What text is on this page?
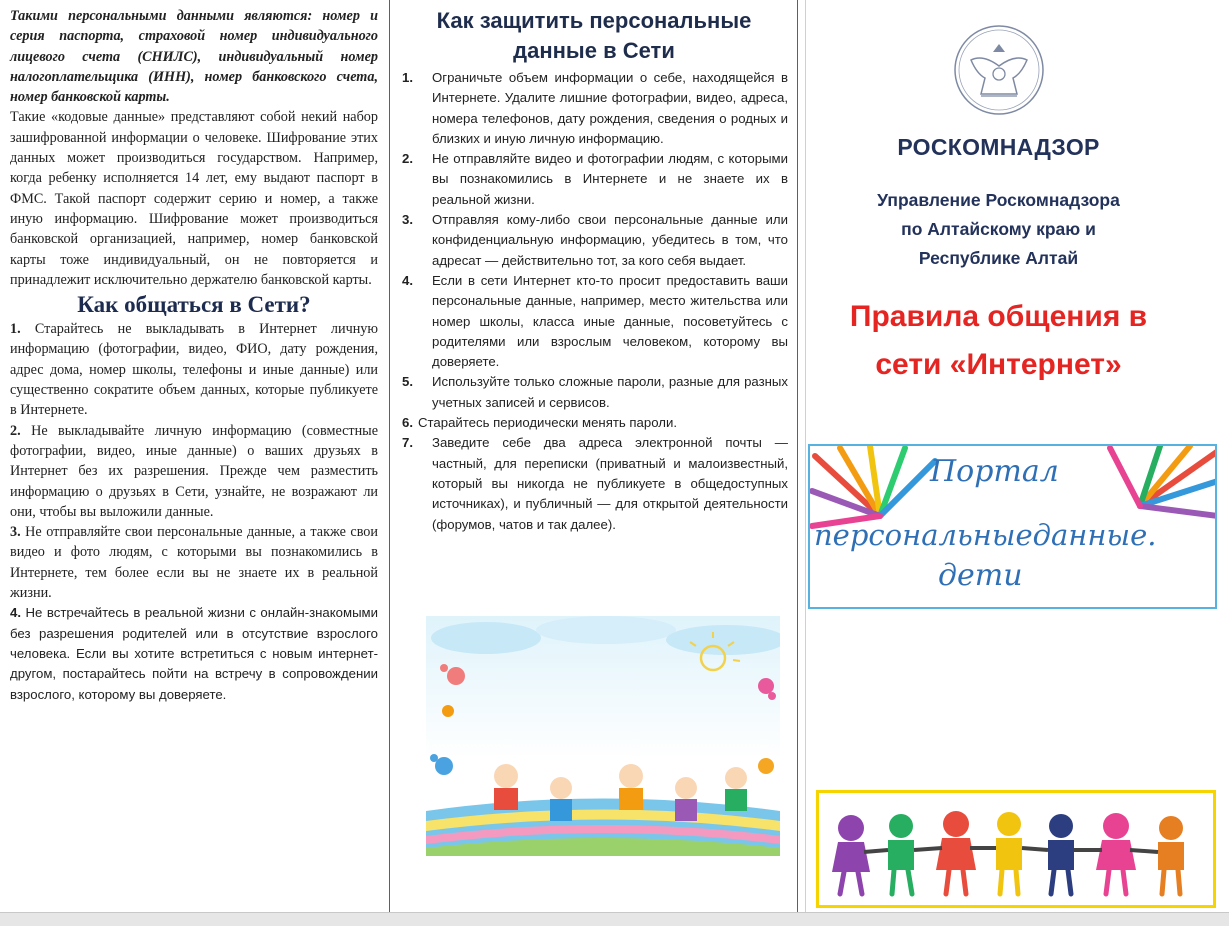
Такими персональными данными являются: номер и серия паспорта, страховой номер индивидуального лицевого счета (СНИЛС), индивидуальный номер налогоплательщика (ИНН), номер банковского счета, номер банковской карты.

Такие «кодовые данные» представляют собой некий набор зашифрованной информации о человеке. Шифрование этих данных может производиться государством. Например, когда ребенку исполняется 14 лет, ему выдают паспорт в ФМС. Такой паспорт содержит серию и номер, а также иную информацию. Шифрование может производиться банковской организацией, например, номер банковской карты тоже индивидуальный, он не повторяется и принадлежит исключительно держателю банковской карты.

Как общаться в Сети?

1. Старайтесь не выкладывать в Интернет личную информацию (фотографии, видео, ФИО, дату рождения, адрес дома, номер школы, телефоны и иные данные) или существенно сократите объем данных, которые публикуете в Интернете.

2. Не выкладывайте личную информацию (совместные фотографии, видео, иные данные) о ваших друзьях в Интернет без их разрешения. Прежде чем разместить информацию о друзьях в Сети, узнайте, не возражают ли они, чтобы вы выложили данные.

3. Не отправляйте свои персональные данные, а также свои видео и фото людям, с которыми вы познакомились в Интернете, тем более если вы не знаете их в реальной жизни.

4. Не встречайтесь в реальной жизни с онлайн-знакомыми без разрешения родителей или в отсутствие взрослого человека. Если вы хотите встретиться с новым интернет-другом, постарайтесь пойти на встречу в сопровождении взрослого, которому вы доверяете.

Как защитить персональные данные в Сети
1. Ограничьте объем информации о себе, находящейся в Интернете. Удалите лишние фотографии, видео, адреса, номера телефонов, дату рождения, сведения о родных и близких и иную личную информацию.
2. Не отправляйте видео и фотографии людям, с которыми вы познакомились в Интернете и не знаете их в реальной жизни.
3. Отправляя кому-либо свои персональные данные или конфиденциальную информацию, убедитесь в том, что адресат — действительно тот, за кого себя выдает.
4. Если в сети Интернет кто-то просит предоставить ваши персональные данные, например, место жительства или номер школы, класса иные данные, посоветуйтесь с родителями или взрослым человеком, которому вы доверяете.
5. Используйте только сложные пароли, разные для разных учетных записей и сервисов.
6. Старайтесь периодически менять пароли.
7. Заведите себе два адреса электронной почты — частный, для переписки (приватный и малоизвестный, который вы никогда не публикуете в общедоступных источниках), и публичный — для открытой деятельности (форумов, чатов и так далее).
РОСКОМНАДЗОР
Управление Роскомнадзора
по Алтайскому краю и
Республике Алтай
Правила общения в
сети «Интернет»
Портал
персональныеданные.
дети
